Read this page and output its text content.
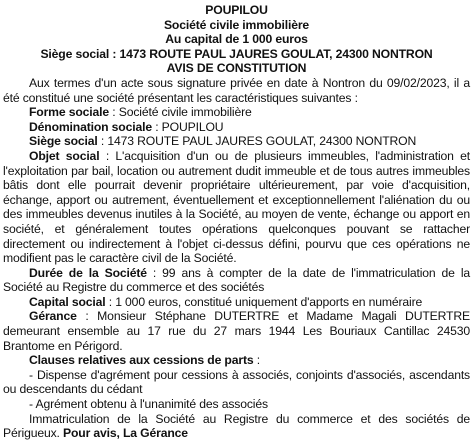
POUPILOU
Société civile immobilière
Au capital de 1 000 euros
Siège social : 1473 ROUTE PAUL JAURES GOULAT, 24300 NONTRON
AVIS DE CONSTITUTION
Aux termes d'un acte sous signature privée en date à Nontron du 09/02/2023, il a été constitué une société présentant les caractéristiques suivantes :
Forme sociale : Société civile immobilière
Dénomination sociale : POUPILOU
Siège social : 1473 ROUTE PAUL JAURES GOULAT, 24300 NONTRON
Objet social : L'acquisition d'un ou de plusieurs immeubles, l'administration et l'exploitation par bail, location ou autrement dudit immeuble et de tous autres immeubles bâtis dont elle pourrait devenir propriétaire ultérieurement, par voie d'acquisition, échange, apport ou autrement, éventuellement et exceptionnellement l'aliénation du ou des immeubles devenus inutiles à la Société, au moyen de vente, échange ou apport en société, et généralement toutes opérations quelconques pouvant se rattacher directement ou indirectement à l'objet ci-dessus défini, pourvu que ces opérations ne modifient pas le caractère civil de la Société.
Durée de la Société : 99 ans à compter de la date de l'immatriculation de la Société au Registre du commerce et des sociétés
Capital social : 1 000 euros, constitué uniquement d'apports en numéraire
Gérance : Monsieur Stéphane DUTERTRE et Madame Magali DUTERTRE demeurant ensemble au 17 rue du 27 mars 1944 Les Bouriaux Cantillac 24530 Brantome en Périgord.
Clauses relatives aux cessions de parts :
- Dispense d'agrément pour cessions à associés, conjoints d'associés, ascendants ou descendants du cédant
- Agrément obtenu à l'unanimité des associés
Immatriculation de la Société au Registre du commerce et des sociétés de Périgueux. Pour avis, La Gérance
